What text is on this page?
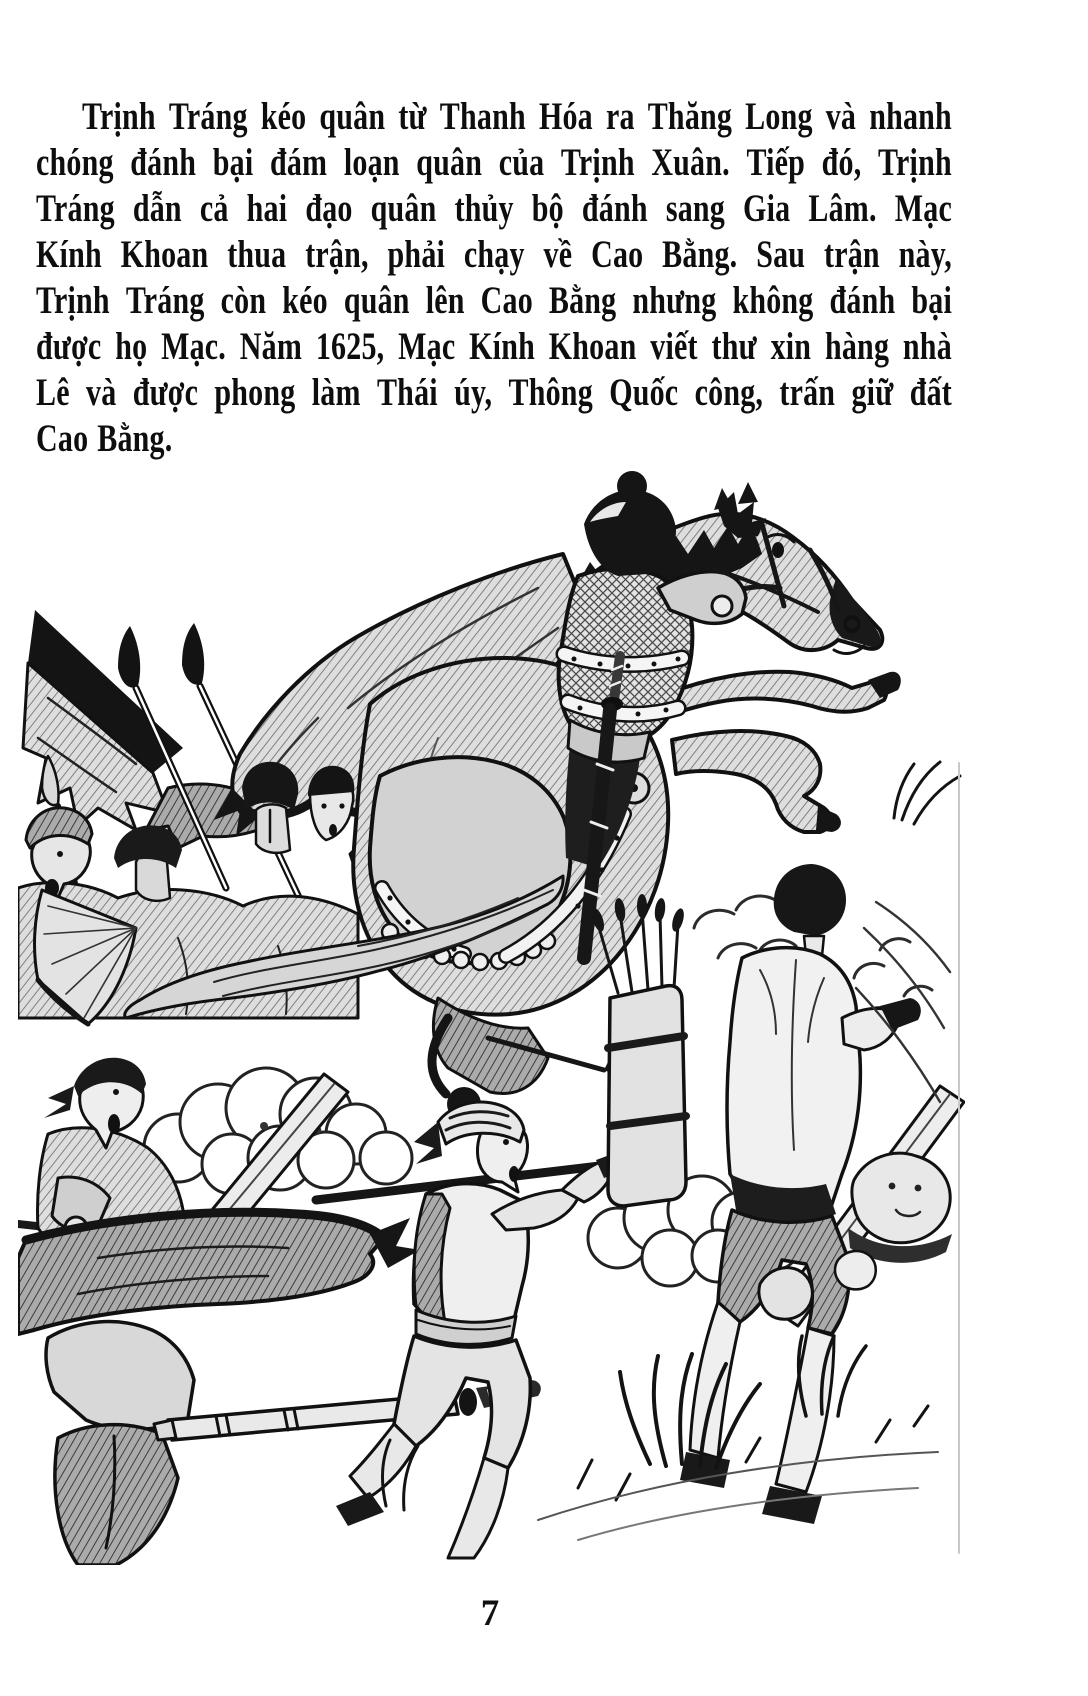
Trịnh Tráng kéo quân từ Thanh Hóa ra Thăng Long và nhanh
chóng đánh bại đám loạn quân của Trịnh Xuân. Tiếp đó, Trịnh
Tráng dẫn cả hai đạo quân thủy bộ đánh sang Gia Lâm. Mạc
Kính Khoan thua trận, phải chạy về Cao Bằng. Sau trận này,
Trịnh Tráng còn kéo quân lên Cao Bằng nhưng không đánh bại
được họ Mạc. Năm 1625, Mạc Kính Khoan viết thư xin hàng nhà
Lê và được phong làm Thái úy, Thông Quốc công, trấn giữ đất
Cao Bằng.
7
